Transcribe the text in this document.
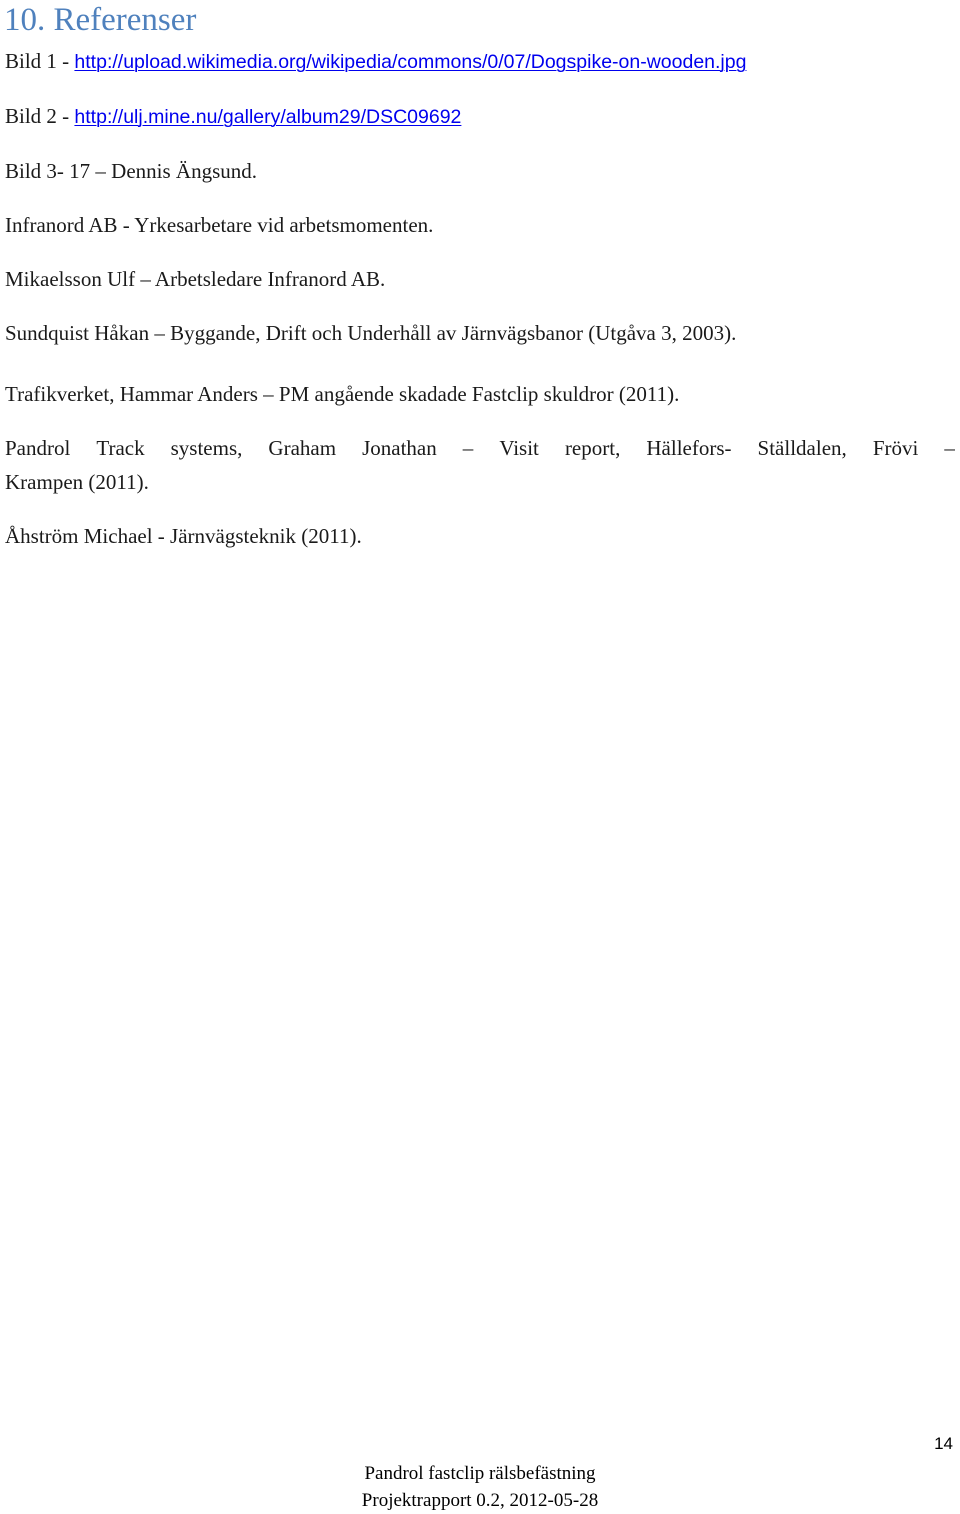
10. Referenser
Bild 1 - http://upload.wikimedia.org/wikipedia/commons/0/07/Dogspike-on-wooden.jpg
Bild 2 - http://ulj.mine.nu/gallery/album29/DSC09692
Bild 3- 17 – Dennis Ängsund.
Infranord AB - Yrkesarbetare vid arbetsmomenten.
Mikaelsson Ulf – Arbetsledare Infranord AB.
Sundquist Håkan – Byggande, Drift och Underhåll av Järnvägsbanor (Utgåva 3, 2003).
Trafikverket, Hammar Anders – PM angående skadade Fastclip skuldror (2011).
Pandrol Track systems, Graham Jonathan – Visit report, Hällefors- Ställdalen, Frövi –
Krampen (2011).
Åhström Michael - Järnvägsteknik (2011).
14
Pandrol fastclip rälsbefästning
Projektrapport 0.2, 2012-05-28
